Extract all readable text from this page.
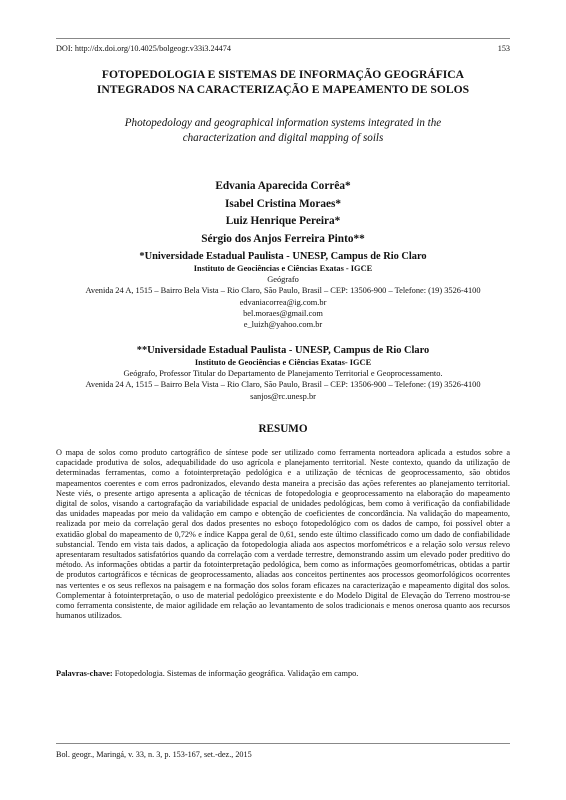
DOI: http://dx.doi.org/10.4025/bolgeogr.v33i3.24474	153
FOTOPEDOLOGIA E SISTEMAS DE INFORMAÇÃO GEOGRÁFICA
INTEGRADOS NA CARACTERIZAÇÃO E MAPEAMENTO DE SOLOS
Photopedology and geographical information systems integrated in the
characterization and digital mapping of soils
Edvania Aparecida Corrêa*
Isabel Cristina Moraes*
Luiz Henrique Pereira*
Sérgio dos Anjos Ferreira Pinto**
*Universidade Estadual Paulista - UNESP, Campus de Rio Claro
Instituto de Geociências e Ciências Exatas - IGCE
Geógrafo
Avenida 24 A, 1515 – Bairro Bela Vista – Rio Claro, São Paulo, Brasil – CEP: 13506-900 – Telefone: (19) 3526-4100
edvaniacorrea@ig.com.br
bel.moraes@gmail.com
e_luizh@yahoo.com.br
**Universidade Estadual Paulista - UNESP, Campus de Rio Claro
Instituto de Geociências e Ciências Exatas- IGCE
Geógrafo, Professor Titular do Departamento de Planejamento Territorial e Geoprocessamento.
Avenida 24 A, 1515 – Bairro Bela Vista – Rio Claro, São Paulo, Brasil – CEP: 13506-900 – Telefone: (19) 3526-4100
sanjos@rc.unesp.br
RESUMO
O mapa de solos como produto cartográfico de síntese pode ser utilizado como ferramenta norteadora aplicada a estudos sobre a capacidade produtiva de solos, adequabilidade do uso agrícola e planejamento territorial. Neste contexto, quando da utilização de determinadas ferramentas, como a fotointerpretação pedológica e a utilização de técnicas de geoprocessamento, são obtidos mapeamentos coerentes e com erros padronizados, elevando desta maneira a precisão das ações referentes ao planejamento territorial. Neste viés, o presente artigo apresenta a aplicação de técnicas de fotopedologia e geoprocessamento na elaboração do mapeamento digital de solos, visando a cartografação da variabilidade espacial de unidades pedológicas, bem como à verificação da confiabilidade das unidades mapeadas por meio da validação em campo e obtenção de coeficientes de concordância. Na validação do mapeamento, realizada por meio da correlação geral dos dados presentes no esboço fotopedológico com os dados de campo, foi possível obter a exatidão global do mapeamento de 0,72% e índice Kappa geral de 0,61, sendo este último classificado como um dado de confiabilidade substancial. Tendo em vista tais dados, a aplicação da fotopedologia aliada aos aspectos morfométricos e a relação solo versus relevo apresentaram resultados satisfatórios quando da correlação com a verdade terrestre, demonstrando assim um elevado poder preditivo do método. As informações obtidas a partir da fotointerpretação pedológica, bem como as informações geomorfométricas, obtidas a partir de produtos cartográficos e técnicas de geoprocessamento, aliadas aos conceitos pertinentes aos processos geomorfológicos ocorrentes nas vertentes e os seus reflexos na paisagem e na formação dos solos foram eficazes na caracterização e mapeamento digital dos solos. Complementar à fotointerpretação, o uso de material pedológico preexistente e do Modelo Digital de Elevação do Terreno mostrou-se como ferramenta consistente, de maior agilidade em relação ao levantamento de solos tradicionais e menos onerosa quanto aos recursos humanos utilizados.
Palavras-chave: Fotopedologia. Sistemas de informação geográfica. Validação em campo.
Bol. geogr., Maringá, v. 33, n. 3, p. 153-167, set.-dez., 2015
